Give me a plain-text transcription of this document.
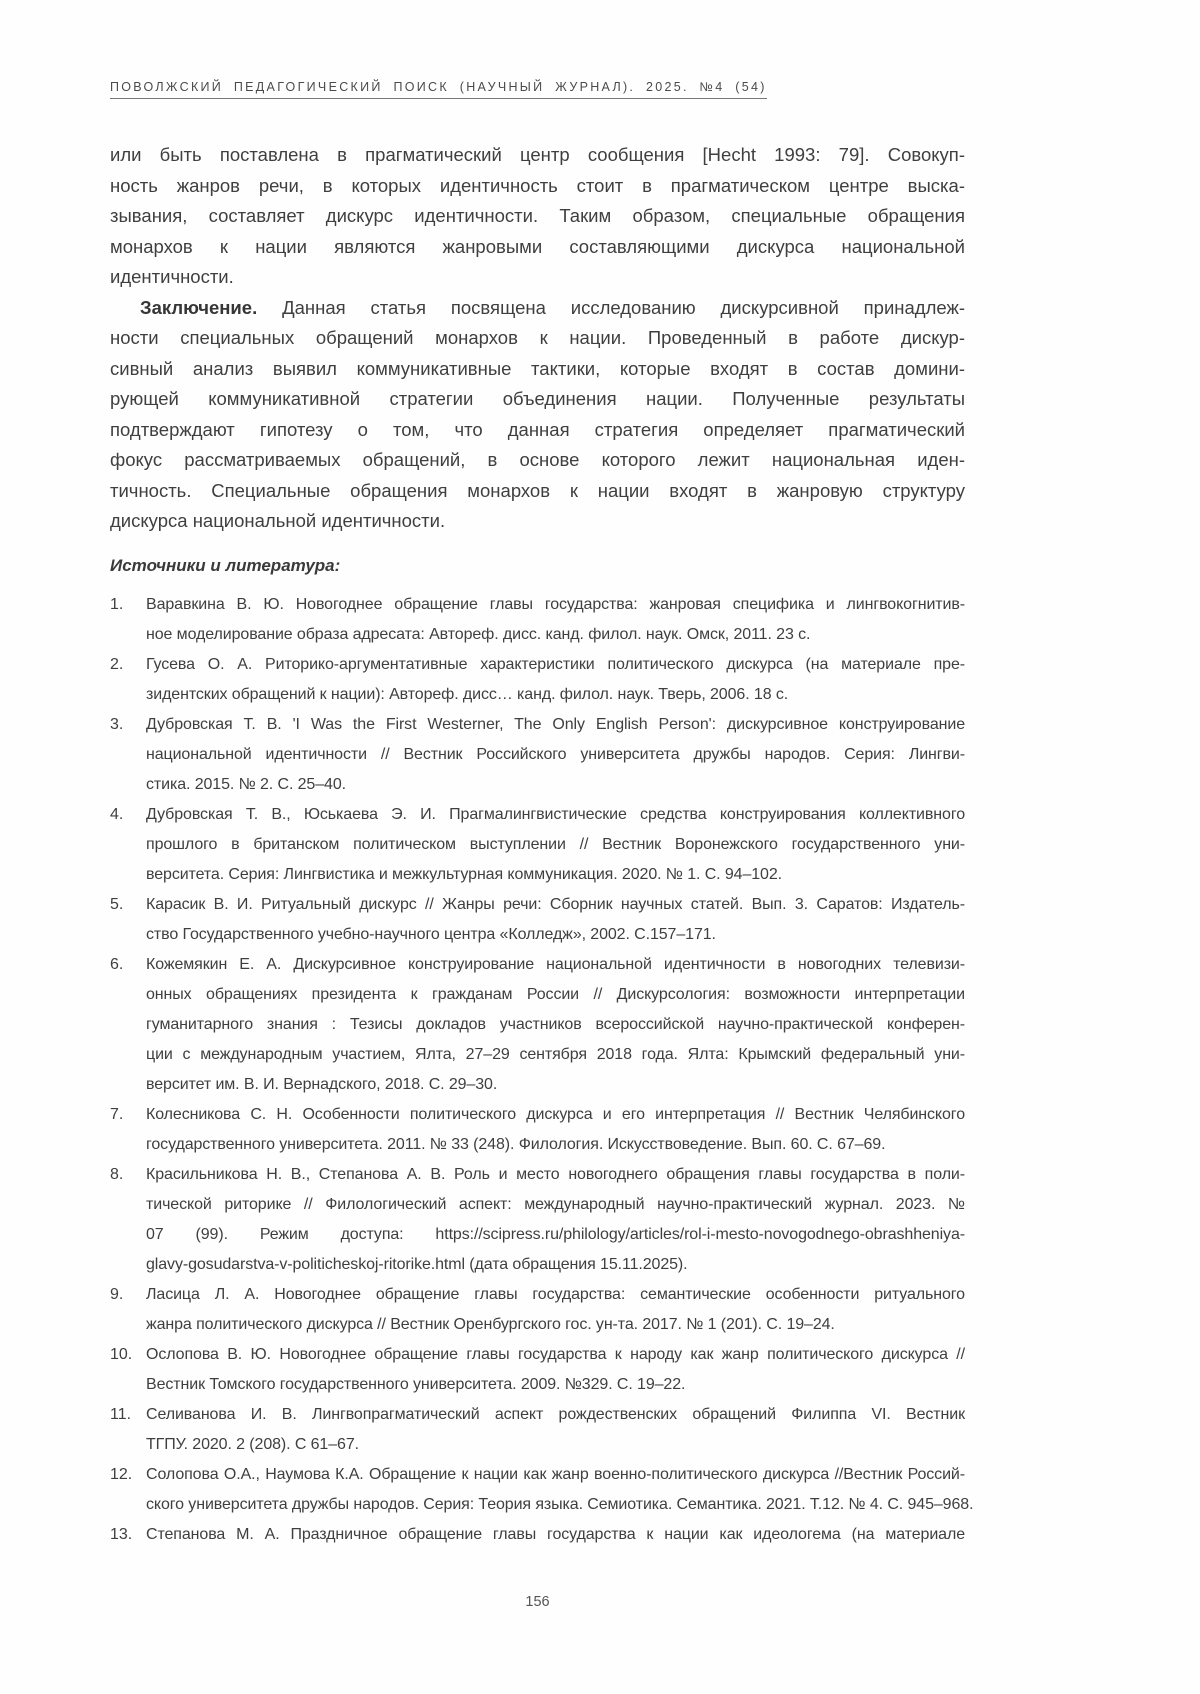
ПОВОЛЖСКИЙ ПЕДАГОГИЧЕСКИЙ ПОИСК (НАУЧНЫЙ ЖУРНАЛ). 2025. №4 (54)
или быть поставлена в прагматический центр сообщения [Hecht 1993: 79]. Совокуп-
ность жанров речи, в которых идентичность стоит в прагматическом центре выска-
зывания, составляет дискурс идентичности. Таким образом, специальные обращения
монархов к нации являются жанровыми составляющими дискурса национальной
идентичности.
Заключение. Данная статья посвящена исследованию дискурсивной принадлеж-
ности специальных обращений монархов к нации. Проведенный в работе дискур-
сивный анализ выявил коммуникативные тактики, которые входят в состав домини-
рующей коммуникативной стратегии объединения нации. Полученные результаты
подтверждают гипотезу о том, что данная стратегия определяет прагматический
фокус рассматриваемых обращений, в основе которого лежит национальная иден-
тичность. Специальные обращения монархов к нации входят в жанровую структуру
дискурса национальной идентичности.
Источники и литература:
1.	Варавкина В. Ю. Новогоднее обращение главы государства: жанровая специфика и лингвокогнитив-
ное моделирование образа адресата: Автореф. дисс. канд. филол. наук. Омск, 2011. 23 с.
2.	Гусева О. А. Риторико-аргументативные характеристики политического дискурса (на материале пре-
зидентских обращений к нации): Автореф. дисс… канд. филол. наук. Тверь, 2006. 18 с.
3.	Дубровская Т. В. 'I Was the First Westerner, The Only English Person': дискурсивное конструирование
национальной идентичности // Вестник Российского университета дружбы народов. Серия: Лингви-
стика. 2015. № 2. С. 25–40.
4.	Дубровская Т. В., Юськаева Э. И. Прагмалингвистические средства конструирования коллективного
прошлого в британском политическом выступлении // Вестник Воронежского государственного уни-
верситета. Серия: Лингвистика и межкультурная коммуникация. 2020. № 1. С. 94–102.
5.	Карасик В. И. Ритуальный дискурс // Жанры речи: Сборник научных статей. Вып. 3. Саратов: Издатель-
ство Государственного учебно-научного центра «Колледж», 2002. С.157–171.
6.	Кожемякин Е. А. Дискурсивное конструирование национальной идентичности в новогодних телевизи-
онных обращениях президента к гражданам России // Дискурсология: возможности интерпретации
гуманитарного знания : Тезисы докладов участников всероссийской научно-практической конферен-
ции с международным участием, Ялта, 27–29 сентября 2018 года. Ялта: Крымский федеральный уни-
верситет им. В. И. Вернадского, 2018. С. 29–30.
7.	Колесникова С. Н. Особенности политического дискурса и его интерпретация // Вестник Челябинского
государственного университета. 2011. № 33 (248). Филология. Искусствоведение. Вып. 60. С. 67–69.
8.	Красильникова Н. В., Степанова А. В. Роль и место новогоднего обращения главы государства в поли-
тической риторике // Филологический аспект: международный научно-практический журнал. 2023. №
07 (99). Режим доступа: https://scipress.ru/philology/articles/rol-i-mesto-novogodnego-obrashheniya-
glavy-gosudarstva-v-politicheskoj-ritorike.html (дата обращения 15.11.2025).
9.	Ласица Л. А. Новогоднее обращение главы государства: семантические особенности ритуального
жанра политического дискурса // Вестник Оренбургского гос. ун-та. 2017. № 1 (201). С. 19–24.
10. Ослопова В. Ю. Новогоднее обращение главы государства к народу как жанр политического дискурса //
Вестник Томского государственного университета. 2009. №329. С. 19–22.
11. Селиванова И. В. Лингвопрагматический аспект рождественских обращений Филиппа VI. Вестник
ТГПУ. 2020. 2 (208). С 61–67.
12. Солопова О.А., Наумова К.А. Обращение к нации как жанр военно-политического дискурса //Вестник Россий-
ского университета дружбы народов. Серия: Теория языка. Семиотика. Семантика. 2021. Т.12. № 4. С. 945–968.
13. Степанова М. А. Праздничное обращение главы государства к нации как идеологема (на материале
156
